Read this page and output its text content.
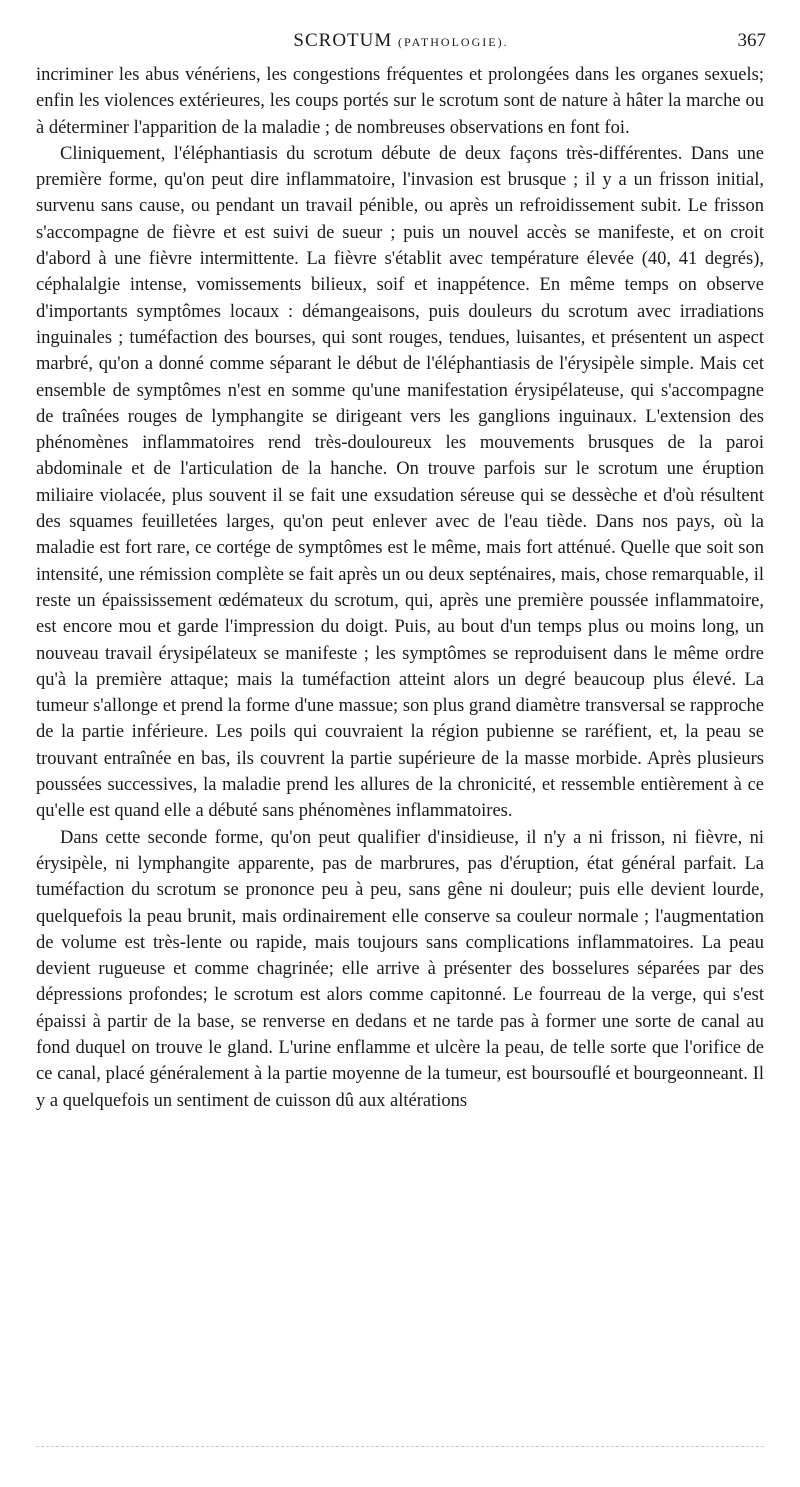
SCROTUM (PATHOLOGIE).	367

incriminer les abus vénériens, les congestions fréquentes et prolongées dans les organes sexuels; enfin les violences extérieures, les coups portés sur le scrotum sont de nature à hâter la marche ou à déterminer l'apparition de la maladie ; de nombreuses observations en font foi.

Cliniquement, l'éléphantiasis du scrotum débute de deux façons très-différentes. Dans une première forme, qu'on peut dire inflammatoire, l'invasion est brusque ; il y a un frisson initial, survenu sans cause, ou pendant un travail pénible, ou après un refroidissement subit. Le frisson s'accompagne de fièvre et est suivi de sueur ; puis un nouvel accès se manifeste, et on croit d'abord à une fièvre intermittente. La fièvre s'établit avec température élevée (40, 41 degrés), céphalalgie intense, vomissements bilieux, soif et inappétence. En même temps on observe d'importants symptômes locaux : démangeaisons, puis douleurs du scrotum avec irradiations inguinales ; tuméfaction des bourses, qui sont rouges, tendues, luisantes, et présentent un aspect marbré, qu'on a donné comme séparant le début de l'éléphantiasis de l'érysipèle simple. Mais cet ensemble de symptômes n'est en somme qu'une manifestation érysipélateuse, qui s'accompagne de traînées rouges de lymphangite se dirigeant vers les ganglions inguinaux. L'extension des phénomènes inflammatoires rend très-douloureux les mouvements brusques de la paroi abdominale et de l'articulation de la hanche. On trouve parfois sur le scrotum une éruption miliaire violacée, plus souvent il se fait une exsudation séreuse qui se dessèche et d'où résultent des squames feuilletées larges, qu'on peut enlever avec de l'eau tiède. Dans nos pays, où la maladie est fort rare, ce cortége de symptômes est le même, mais fort atténué. Quelle que soit son intensité, une rémission complète se fait après un ou deux septénaires, mais, chose remarquable, il reste un épaississement œdémateux du scrotum, qui, après une première poussée inflammatoire, est encore mou et garde l'impression du doigt. Puis, au bout d'un temps plus ou moins long, un nouveau travail érysipélateux se manifeste ; les symptômes se reproduisent dans le même ordre qu'à la première attaque; mais la tuméfaction atteint alors un degré beaucoup plus élevé. La tumeur s'allonge et prend la forme d'une massue; son plus grand diamètre transversal se rapproche de la partie inférieure. Les poils qui couvraient la région pubienne se raréfient, et, la peau se trouvant entraînée en bas, ils couvrent la partie supérieure de la masse morbide. Après plusieurs poussées successives, la maladie prend les allures de la chronicité, et ressemble entièrement à ce qu'elle est quand elle a débuté sans phénomènes inflammatoires.

Dans cette seconde forme, qu'on peut qualifier d'insidieuse, il n'y a ni frisson, ni fièvre, ni érysipèle, ni lymphangite apparente, pas de marbrures, pas d'éruption, état général parfait. La tuméfaction du scrotum se prononce peu à peu, sans gêne ni douleur; puis elle devient lourde, quelquefois la peau brunit, mais ordinairement elle conserve sa couleur normale ; l'augmentation de volume est très-lente ou rapide, mais toujours sans complications inflammatoires. La peau devient rugueuse et comme chagrinée; elle arrive à présenter des bosselures séparées par des dépressions profondes; le scrotum est alors comme capitonné. Le fourreau de la verge, qui s'est épaissi à partir de la base, se renverse en dedans et ne tarde pas à former une sorte de canal au fond duquel on trouve le gland. L'urine enflamme et ulcère la peau, de telle sorte que l'orifice de ce canal, placé généralement à la partie moyenne de la tumeur, est boursouflé et bourgeonneant. Il y a quelquefois un sentiment de cuisson dû aux altérations
